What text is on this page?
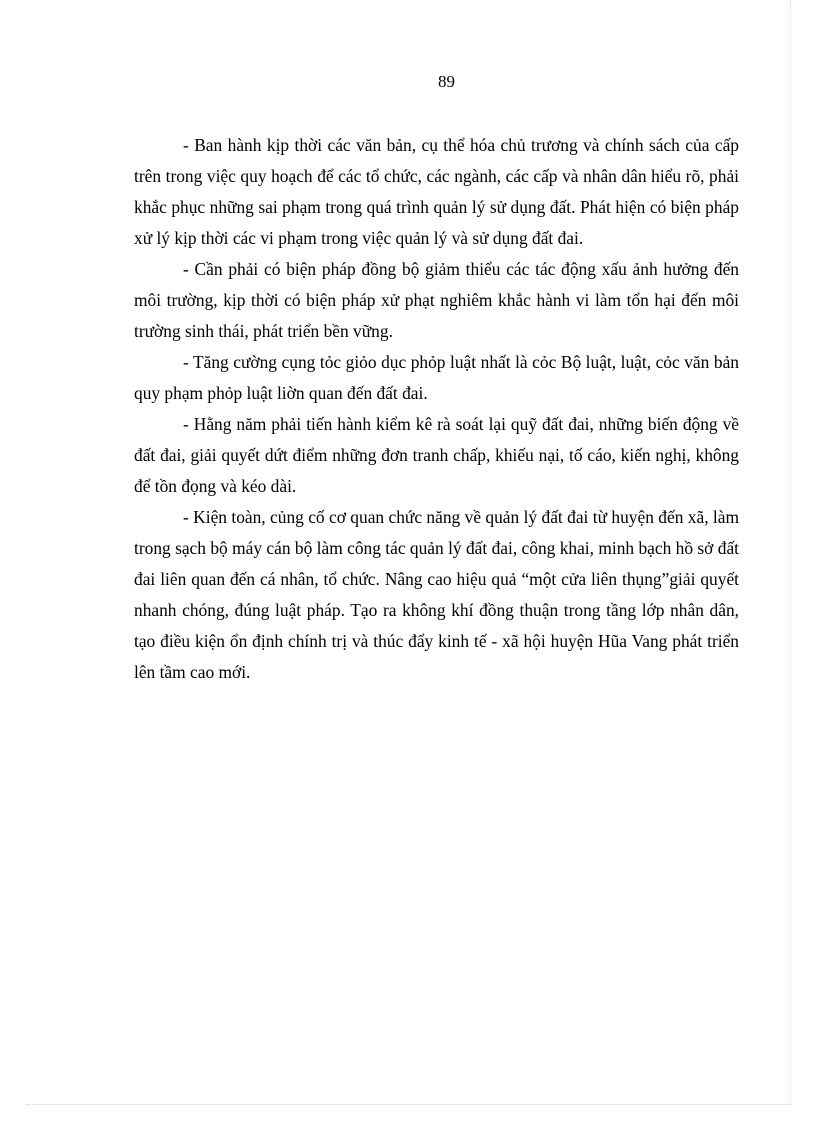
89

- Ban hành kịp thời các văn bản, cụ thể hóa chủ trương và chính sách của cấp trên trong việc quy hoạch để các tổ chức, các ngành, các cấp và nhân dân hiểu rõ, phải khắc phục những sai phạm trong quá trình quản lý sử dụng đất. Phát hiện có biện pháp xử lý kịp thời các vi phạm trong việc quản lý và sử dụng đất đai.

- Cần phải có biện pháp đồng bộ giảm thiểu các tác động xấu ảnh hưởng đến môi trường, kịp thời có biện pháp xử phạt nghiêm khắc hành vi làm tổn hại đến môi trường sinh thái, phát triển bền vững.

- Tăng cường cụng tỏc giỏo dục phỏp luật nhất là cỏc Bộ luật, luật, cỏc văn bản quy phạm phỏp luật liờn quan đến đất đai.

- Hằng năm phải tiến hành kiểm kê rà soát lại quỹ đất đai, những biến động về đất đai, giải quyết dứt điểm những đơn tranh chấp, khiếu nại, tố cáo, kiến nghị, không để tồn đọng và kéo dài.

- Kiện toàn, củng cố cơ quan chức năng về quản lý đất đai từ huyện đến xã, làm trong sạch bộ máy cán bộ làm công tác quản lý đất đai, công khai, minh bạch hồ sở đất đai liên quan đến cá nhân, tổ chức. Nâng cao hiệu quả “một cửa liên thụng”giải quyết nhanh chóng, đúng luật pháp. Tạo ra không khí đồng thuận trong tầng lớp nhân dân, tạo điều kiện ổn định chính trị và thúc đẩy kinh tế - xã hội huyện Hũa Vang phát triển lên tầm cao mới.
